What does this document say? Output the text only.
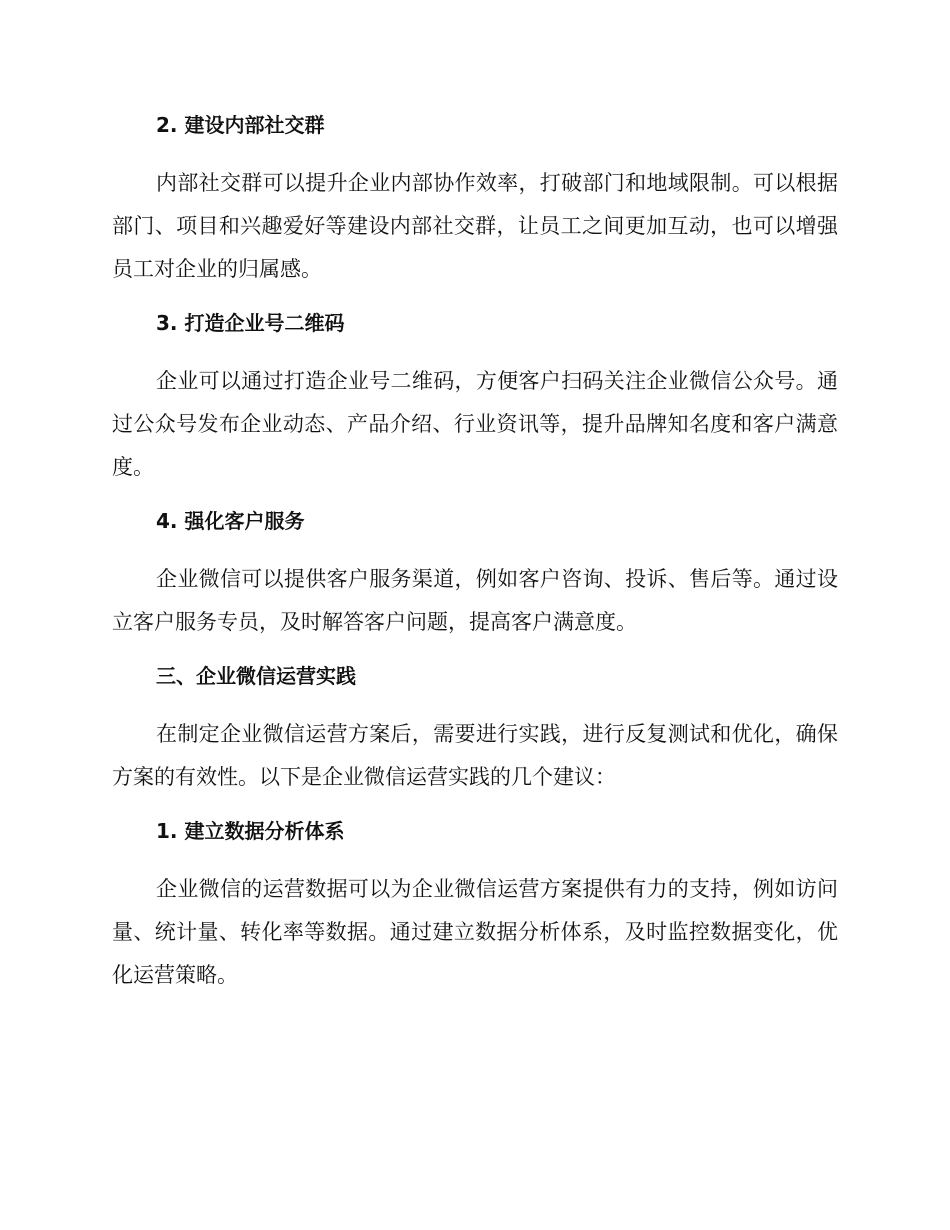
2. 建设内部社交群

内部社交群可以提升企业内部协作效率，打破部门和地域限制。可以根据部门、项目和兴趣爱好等建设内部社交群，让员工之间更加互动，也可以增强员工对企业的归属感。

3. 打造企业号二维码

企业可以通过打造企业号二维码，方便客户扫码关注企业微信公众号。通过公众号发布企业动态、产品介绍、行业资讯等，提升品牌知名度和客户满意度。

4. 强化客户服务

企业微信可以提供客户服务渠道，例如客户咨询、投诉、售后等。通过设立客户服务专员，及时解答客户问题，提高客户满意度。

三、企业微信运营实践

在制定企业微信运营方案后，需要进行实践，进行反复测试和优化，确保方案的有效性。以下是企业微信运营实践的几个建议：

1. 建立数据分析体系

企业微信的运营数据可以为企业微信运营方案提供有力的支持，例如访问量、统计量、转化率等数据。通过建立数据分析体系，及时监控数据变化，优化运营策略。
